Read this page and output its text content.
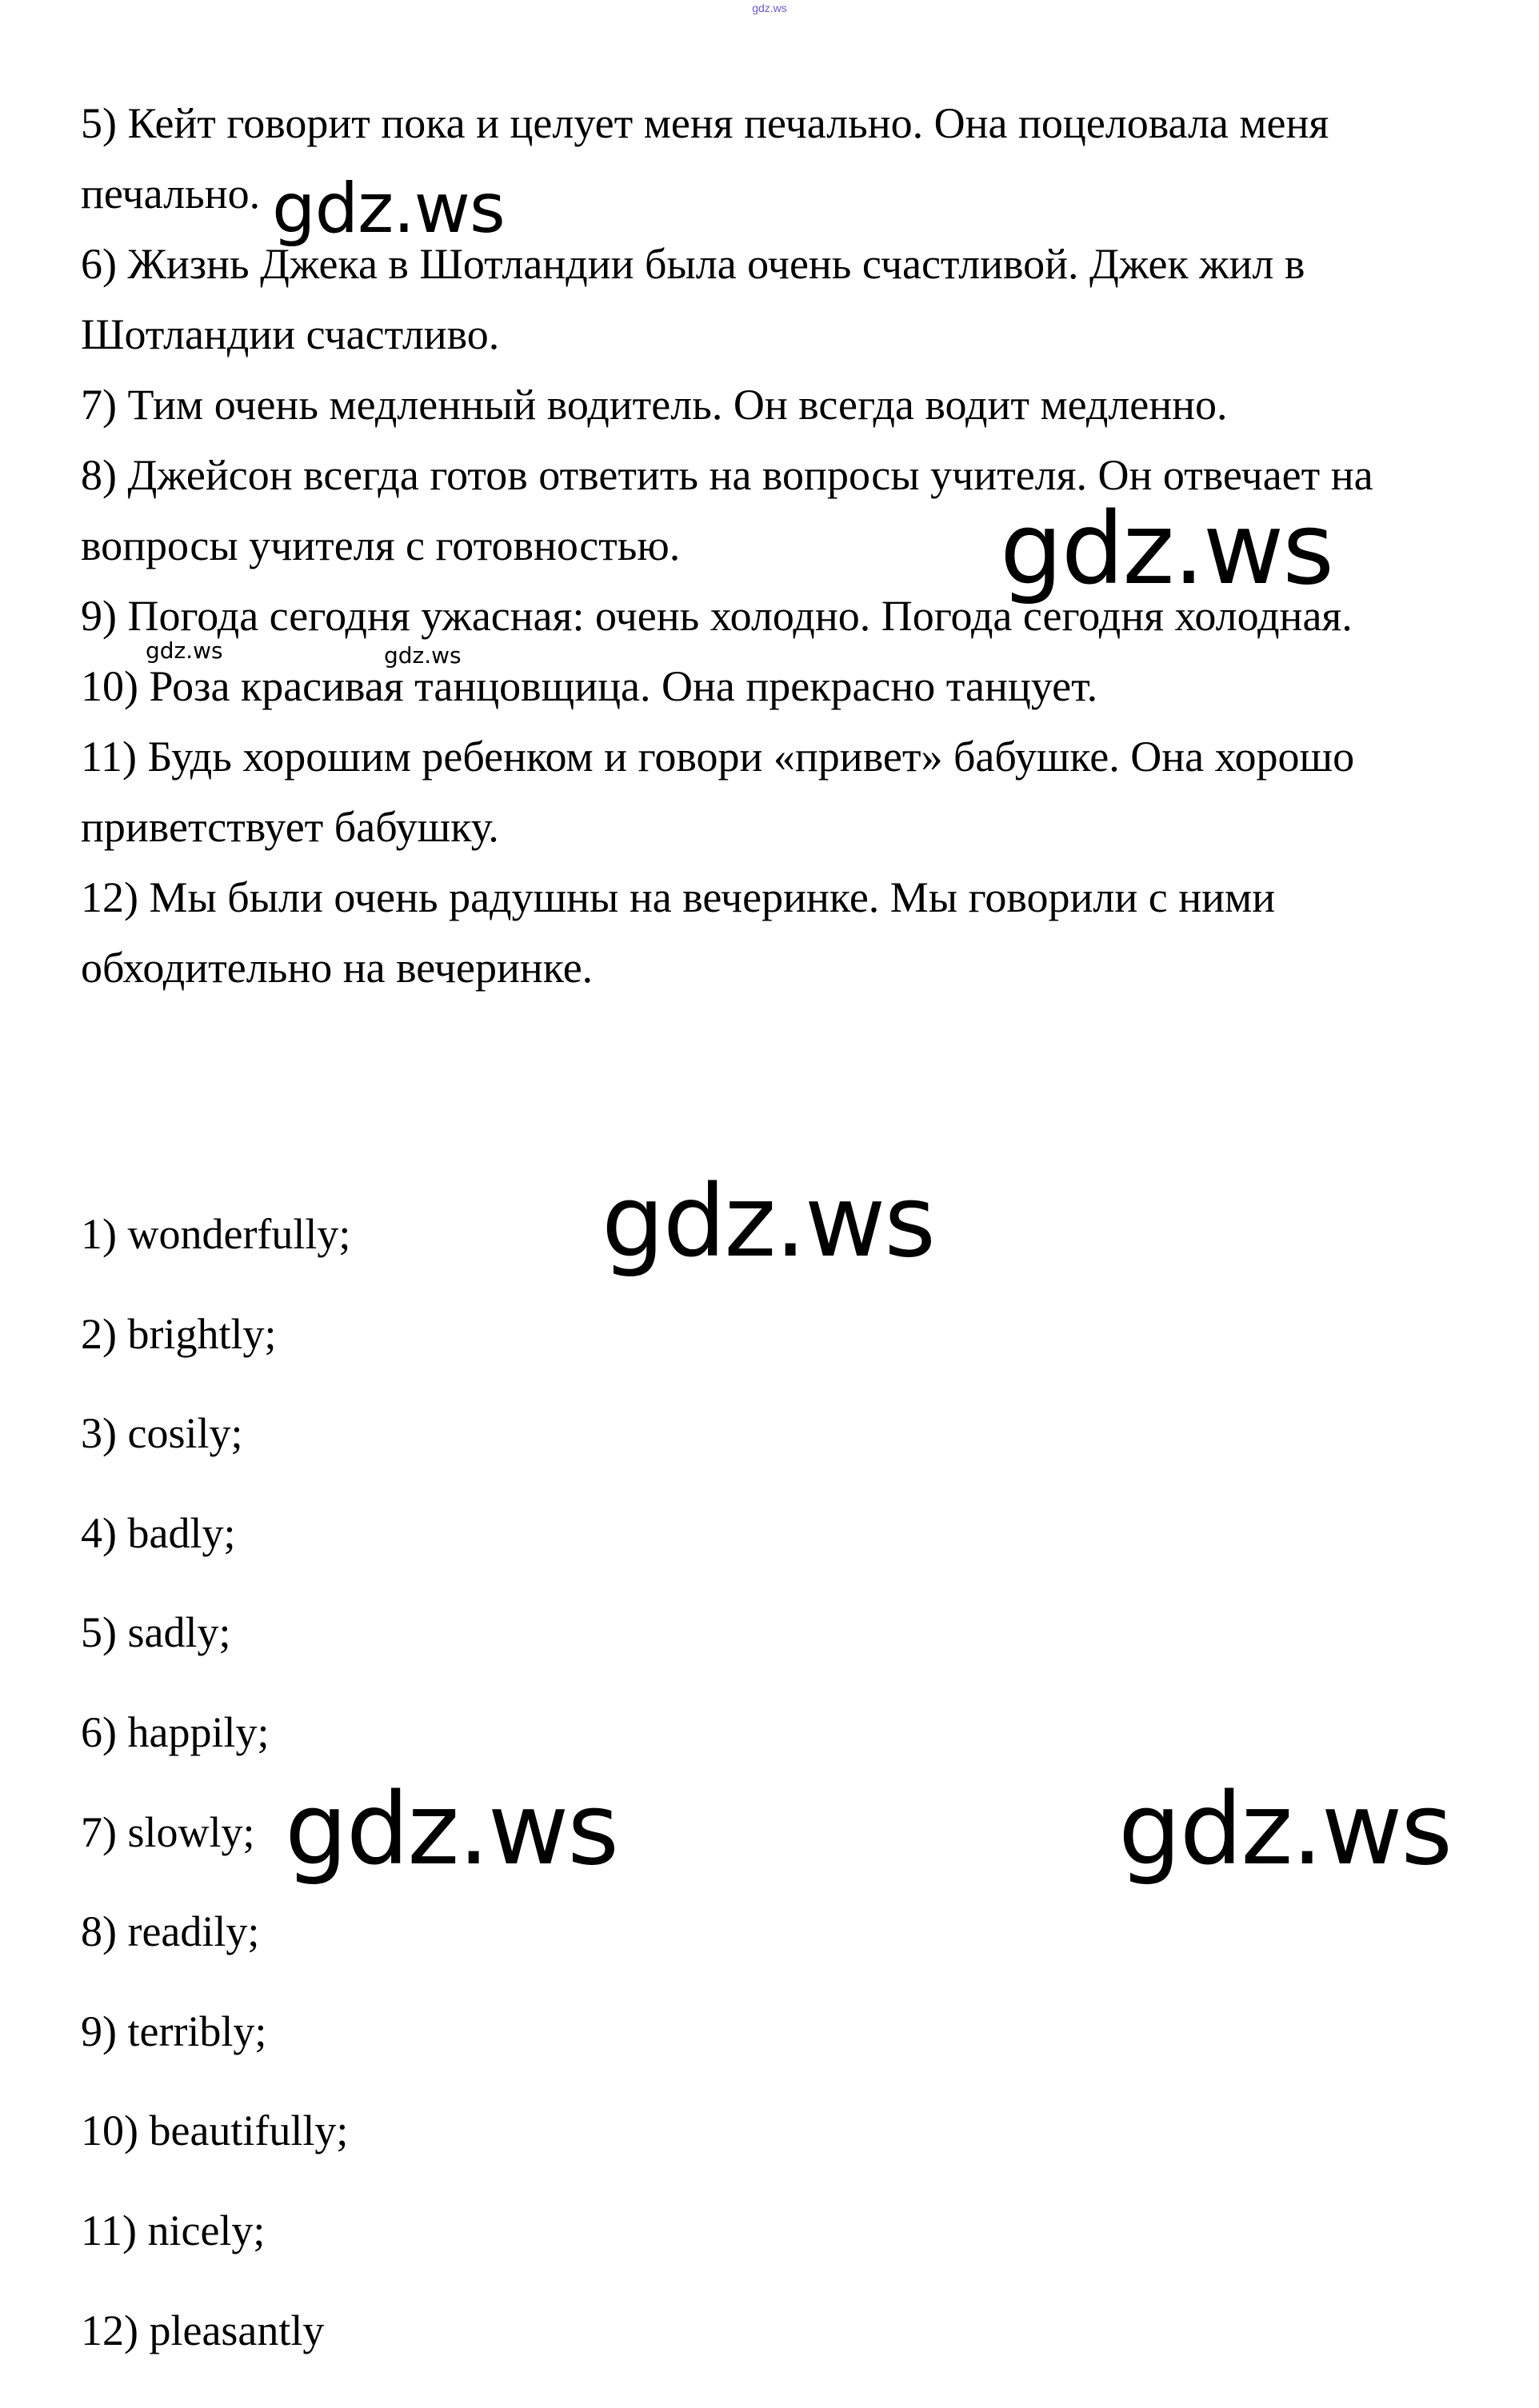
gdz.ws

5) Кейт говорит пока и целует меня печально. Она поцеловала меня печально.

6) Жизнь Джека в Шотландии была очень счастливой. Джек жил в Шотландии счастливо.

7) Тим очень медленный водитель. Он всегда водит медленно.

8) Джейсон всегда готов ответить на вопросы учителя. Он отвечает на вопросы учителя с готовностью.

9) Погода сегодня ужасная: очень холодно. Погода сегодня холодная.

10) Роза красивая танцовщица. Она прекрасно танцует.

11) Будь хорошим ребенком и говори «привет» бабушке. Она хорошо приветствует бабушку.

12) Мы были очень радушны на вечеринке. Мы говорили с ними обходительно на вечеринке.

1) wonderfully;

2) brightly;

3) cosily;

4) badly;

5) sadly;

6) happily;

7) slowly;

8) readily;

9) terribly;

10) beautifully;

11) nicely;

12) pleasantly

gdz.ws
gdz.ws
gdz.ws	gdz.ws
gdz.ws
gdz.ws	gdz.ws
